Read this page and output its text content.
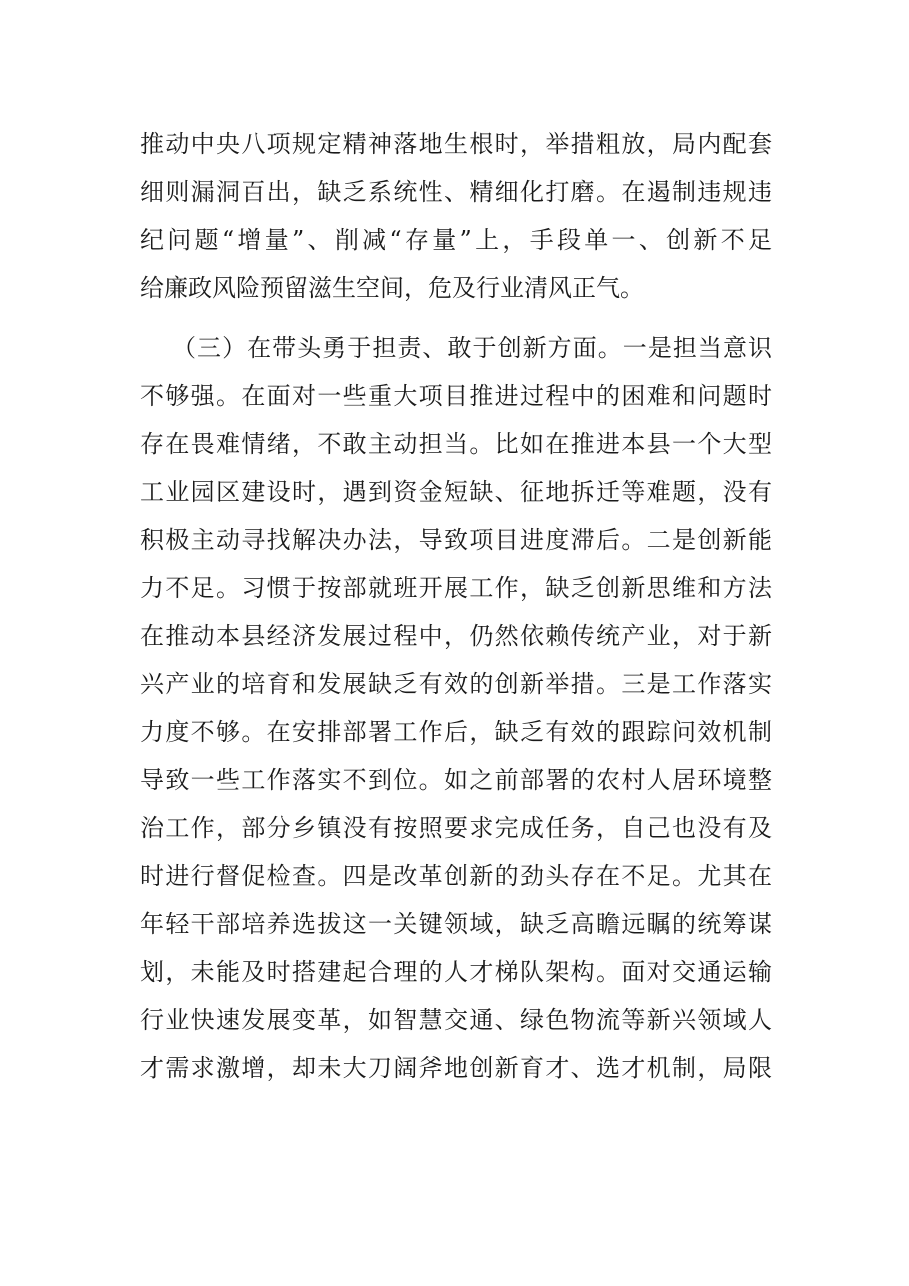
推动中央八项规定精神落地生根时，举措粗放，局内配套
细则漏洞百出，缺乏系统性、精细化打磨。在遏制违规违
纪问题“增量”、削减“存量”上，手段单一、创新不足
给廉政风险预留滋生空间，危及行业清风正气。
（三）在带头勇于担责、敢于创新方面。一是担当意识
不够强。在面对一些重大项目推进过程中的困难和问题时
存在畏难情绪，不敢主动担当。比如在推进本县一个大型
工业园区建设时，遇到资金短缺、征地拆迁等难题，没有
积极主动寻找解决办法，导致项目进度滞后。二是创新能
力不足。习惯于按部就班开展工作，缺乏创新思维和方法
在推动本县经济发展过程中，仍然依赖传统产业，对于新
兴产业的培育和发展缺乏有效的创新举措。三是工作落实
力度不够。在安排部署工作后，缺乏有效的跟踪问效机制
导致一些工作落实不到位。如之前部署的农村人居环境整
治工作，部分乡镇没有按照要求完成任务，自己也没有及
时进行督促检查。四是改革创新的劲头存在不足。尤其在
年轻干部培养选拔这一关键领域，缺乏高瞻远瞩的统筹谋
划，未能及时搭建起合理的人才梯队架构。面对交通运输
行业快速发展变革，如智慧交通、绿色物流等新兴领域人
才需求激增，却未大刀阔斧地创新育才、选才机制，局限
